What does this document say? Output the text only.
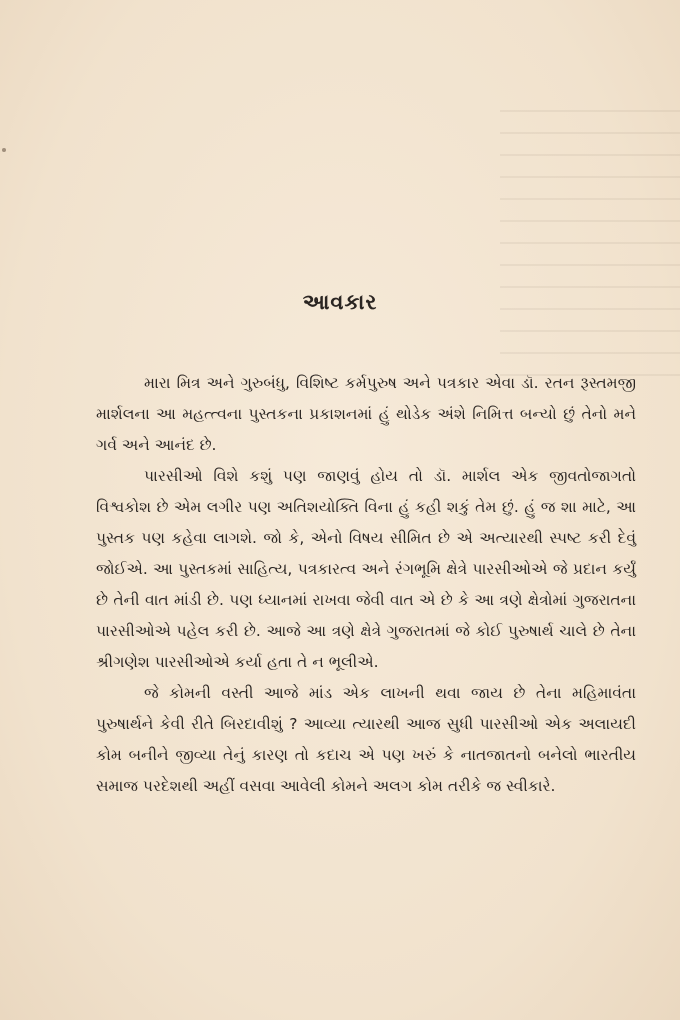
આવકાર

મારા મિત્ર અને ગુરુબંધુ, વિશિષ્ટ કર્મપુરુષ અને પત્રકાર એવા ડૉ. રતન રૂસ્તમજી માર્શલના આ મહત્ત્વના પુસ્તકના પ્રકાશનમાં હું થોડેક અંશે નિમિત્ત બન્યો છું તેનો મને ગર્વ અને આનંદ છે.

પારસીઓ વિશે કશું પણ જાણવું હોય તો ડૉ. માર્શલ એક જીવતોજાગતો વિશ્વકોશ છે એમ લગીર પણ અતિશયોક્તિ વિના હું કહી શકું તેમ છું. હું જ શા માટે, આ પુસ્તક પણ કહેવા લાગશે. જો કે, એનો વિષય સીમિત છે એ અત્યારથી સ્પષ્ટ કરી દેવું જોઈએ. આ પુસ્તકમાં સાહિત્ય, પત્રકારત્વ અને રંગભૂમિ ક્ષેત્રે પારસીઓએ જે પ્રદાન કર્યું છે તેની વાત માંડી છે. પણ ધ્યાનમાં રાખવા જેવી વાત એ છે કે આ ત્રણે ક્ષેત્રોમાં ગુજરાતના પારસીઓએ પહેલ કરી છે. આજે આ ત્રણે ક્ષેત્રે ગુજરાતમાં જે કોઈ પુરુષાર્થ ચાલે છે તેના શ્રીગણેશ પારસીઓએ કર્યા હતા તે ન ભૂલીએ.

જે કોમની વસ્તી આજે માંડ એક લાખની થવા જાય છે તેના મહિમાવંતા પુરુષાર્થને કેવી રીતે બિરદાવીશું ? આવ્યા ત્યારથી આજ સુધી પારસીઓ એક અલાયદી કોમ બનીને જીવ્યા તેનું કારણ તો કદાચ એ પણ ખરું કે નાતજાતનો બનેલો ભારતીય સમાજ પરદેશથી અહીં વસવા આવેલી કોમને અલગ કોમ તરીકે જ સ્વીકારે.
